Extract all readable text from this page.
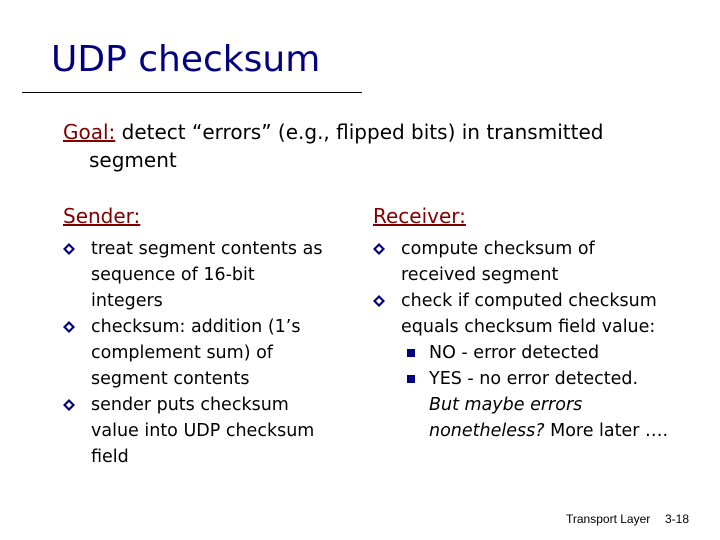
UDP checksum
Goal: detect “errors” (e.g., flipped bits) in transmitted
segment
Sender:
treat segment contents as
sequence of 16-bit
integers
checksum: addition (1’s
complement sum) of
segment contents
sender puts checksum
value into UDP checksum
field
Receiver:
compute checksum of
received segment
check if computed checksum
equals checksum field value:
NO - error detected
YES - no error detected.
But maybe errors
nonetheless? More later ….
Transport Layer 3-18
